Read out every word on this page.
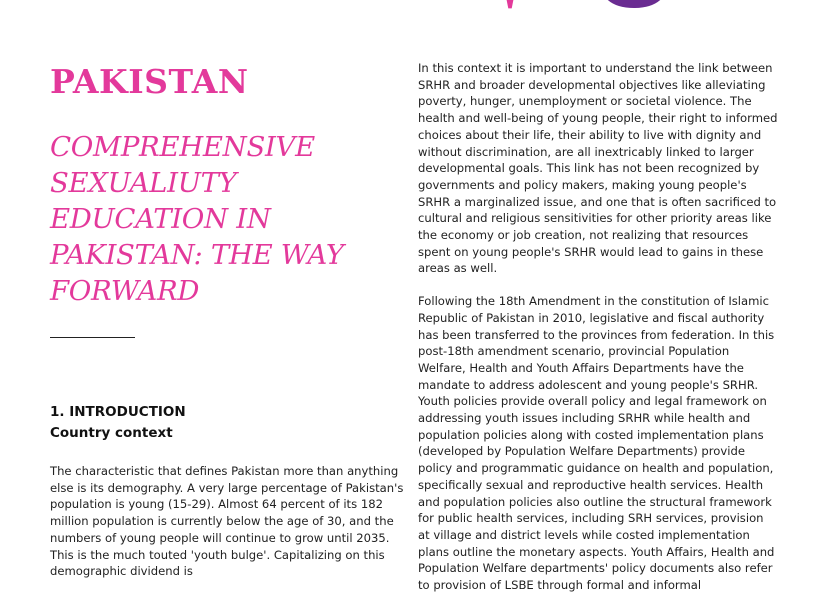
PAKISTAN
COMPREHENSIVE SEXUALIUTY EDUCATION IN PAKISTAN: THE WAY FORWARD
1. INTRODUCTION
Country context

The characteristic that defines Pakistan more than anything else is its demography. A very large percentage of Pakistan's population is young (15-29). Almost 64 percent of its 182 million population is currently below the age of 30, and the numbers of young people will continue to grow until 2035. This is the much touted 'youth bulge'. Capitalizing on this demographic dividend is

In this context it is important to understand the link between SRHR and broader developmental objectives like alleviating poverty, hunger, unemployment or societal violence. The health and well-being of young people, their right to informed choices about their life, their ability to live with dignity and without discrimination, are all inextricably linked to larger developmental goals. This link has not been recognized by governments and policy makers, making young people's SRHR a marginalized issue, and one that is often sacrificed to cultural and religious sensitivities for other priority areas like the economy or job creation, not realizing that resources spent on young people's SRHR would lead to gains in these areas as well.

Following the 18th Amendment in the constitution of Islamic Republic of Pakistan in 2010, legislative and fiscal authority has been transferred to the provinces from federation. In this post-18th amendment scenario, provincial Population Welfare, Health and Youth Affairs Departments have the mandate to address adolescent and young people's SRHR. Youth policies provide overall policy and legal framework on addressing youth issues including SRHR while health and population policies along with costed implementation plans (developed by Population Welfare Departments) provide policy and programmatic guidance on health and population, specifically sexual and reproductive health services. Health and population policies also outline the structural framework for public health services, including SRH services, provision at village and district levels while costed implementation plans outline the monetary aspects. Youth Affairs, Health and Population Welfare departments' policy documents also refer to provision of LSBE through formal and informal
